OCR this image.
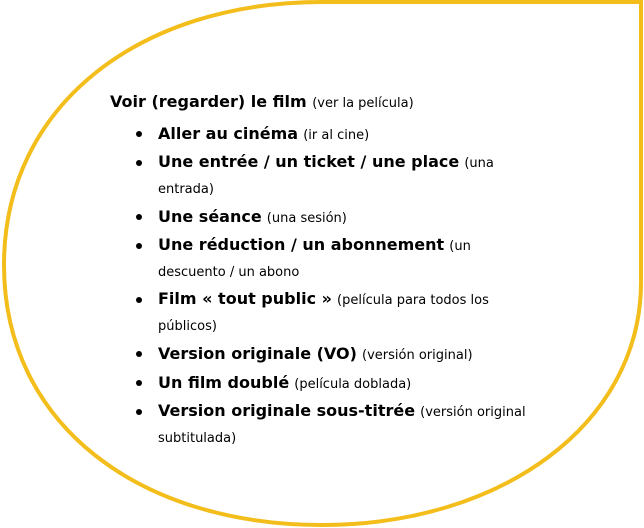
Voir (regarder) le film (ver la película)
Aller au cinéma (ir al cine)
Une entrée / un ticket / une place (una entrada)
Une séance (una sesión)
Une réduction / un abonnement (un descuento / un abono
Film « tout public » (película para todos los públicos)
Version originale (VO) (versión original)
Un film doublé (película doblada)
Version originale sous-titrée (versión original subtitulada)
